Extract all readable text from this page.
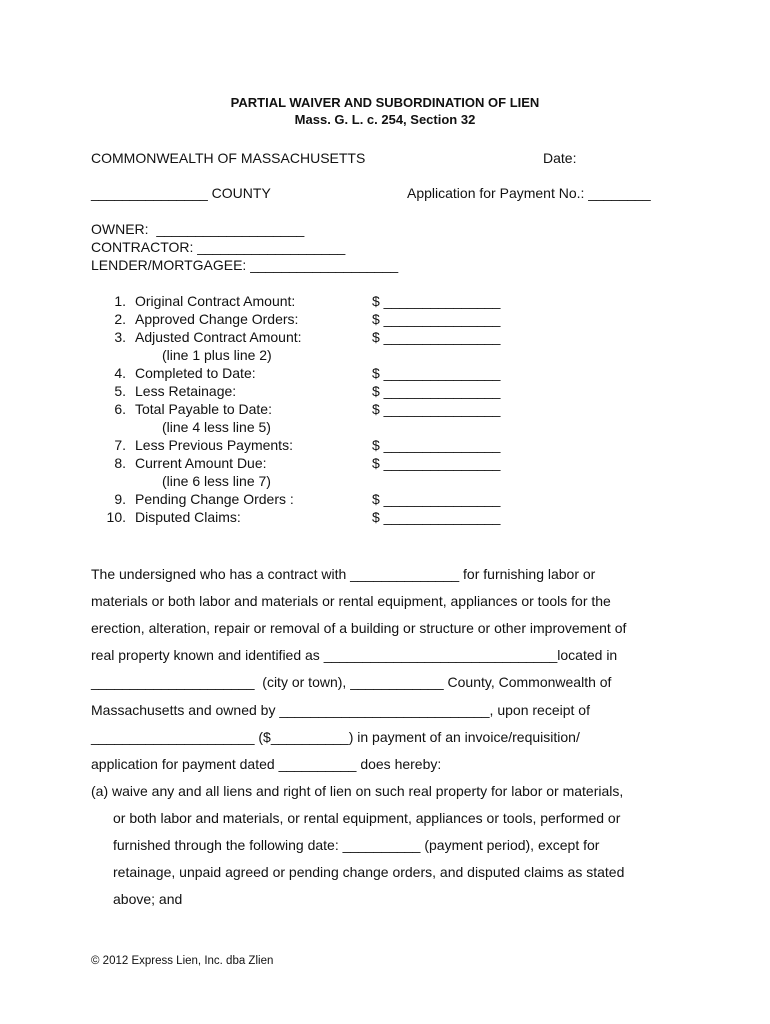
PARTIAL WAIVER AND SUBORDINATION OF LIEN
Mass. G. L. c. 254, Section 32
COMMONWEALTH OF MASSACHUSETTS	Date:
_______________ COUNTY	Application for Payment No.: ________
OWNER:  ___________________
CONTRACTOR: ___________________
LENDER/MORTGAGEE: ___________________
1. Original Contract Amount:	$ _______________
2. Approved Change Orders:	$ _______________
3. Adjusted Contract Amount:	$ _______________
(line 1 plus line 2)
4. Completed to Date:	$ _______________
5. Less Retainage:	$ _______________
6. Total Payable to Date:	$ _______________
(line 4 less line 5)
7. Less Previous Payments:	$ _______________
8. Current Amount Due:	$ _______________
(line 6 less line 7)
9. Pending Change Orders :	$ _______________
10. Disputed Claims:	$ _______________
The undersigned who has a contract with ______________ for furnishing labor or
materials or both labor and materials or rental equipment, appliances or tools for the
erection, alteration, repair or removal of a building or structure or other improvement of
real property known and identified as ______________________________located in
_____________________  (city or town), ____________ County, Commonwealth of
Massachusetts and owned by ___________________________, upon receipt of
_____________________ ($__________) in payment of an invoice/requisition/
application for payment dated __________ does hereby:
(a) waive any and all liens and right of lien on such real property for labor or materials,
or both labor and materials, or rental equipment, appliances or tools, performed or
furnished through the following date: __________ (payment period), except for
retainage, unpaid agreed or pending change orders, and disputed claims as stated
above; and
© 2012 Express Lien, Inc. dba Zlien
